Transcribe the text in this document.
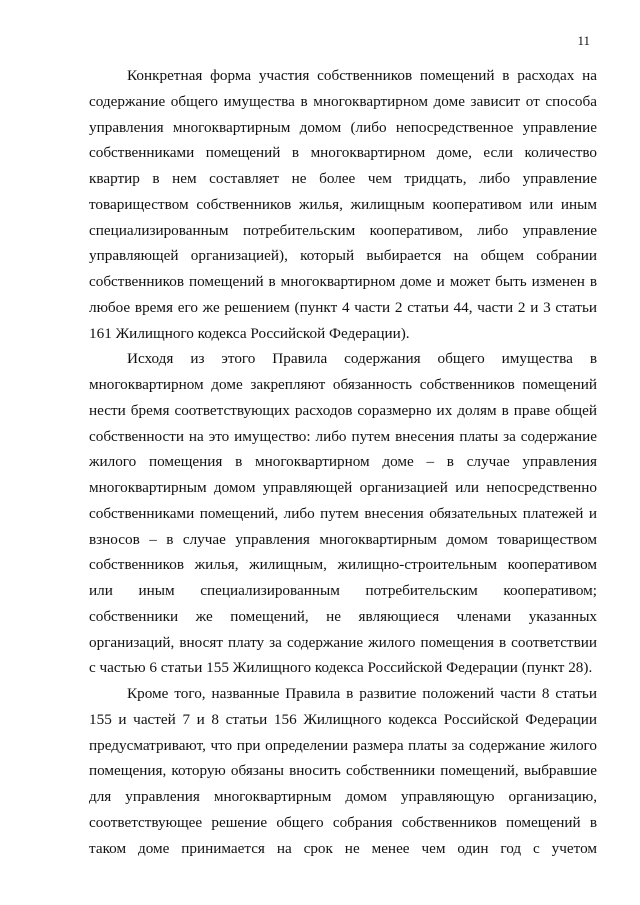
11
Конкретная форма участия собственников помещений в расходах на
содержание общего имущества в многоквартирном доме зависит от способа
управления многоквартирным домом (либо непосредственное управление
собственниками помещений в многоквартирном доме, если количество
квартир в нем составляет не более чем тридцать, либо управление
товариществом собственников жилья, жилищным кооперативом или иным
специализированным потребительским кооперативом, либо управление
управляющей организацией), который выбирается на общем собрании
собственников помещений в многоквартирном доме и может быть изменен в
любое время его же решением (пункт 4 части 2 статьи 44, части 2 и 3 статьи
161 Жилищного кодекса Российской Федерации).
Исходя из этого Правила содержания общего имущества в
многоквартирном доме закрепляют обязанность собственников помещений
нести бремя соответствующих расходов соразмерно их долям в праве общей
собственности на это имущество: либо путем внесения платы за содержание
жилого помещения в многоквартирном доме – в случае управления
многоквартирным домом управляющей организацией или непосредственно
собственниками помещений, либо путем внесения обязательных платежей и
взносов – в случае управления многоквартирным домом товариществом
собственников жилья, жилищным, жилищно-строительным кооперативом
или иным специализированным потребительским кооперативом;
собственники же помещений, не являющиеся членами указанных
организаций, вносят плату за содержание жилого помещения в соответствии
с частью 6 статьи 155 Жилищного кодекса Российской Федерации (пункт 28).
Кроме того, названные Правила в развитие положений части 8 статьи
155 и частей 7 и 8 статьи 156 Жилищного кодекса Российской Федерации
предусматривают, что при определении размера платы за содержание жилого
помещения, которую обязаны вносить собственники помещений, выбравшие
для управления многоквартирным домом управляющую организацию,
соответствующее решение общего собрания собственников помещений в
таком доме принимается на срок не менее чем один год с учетом
